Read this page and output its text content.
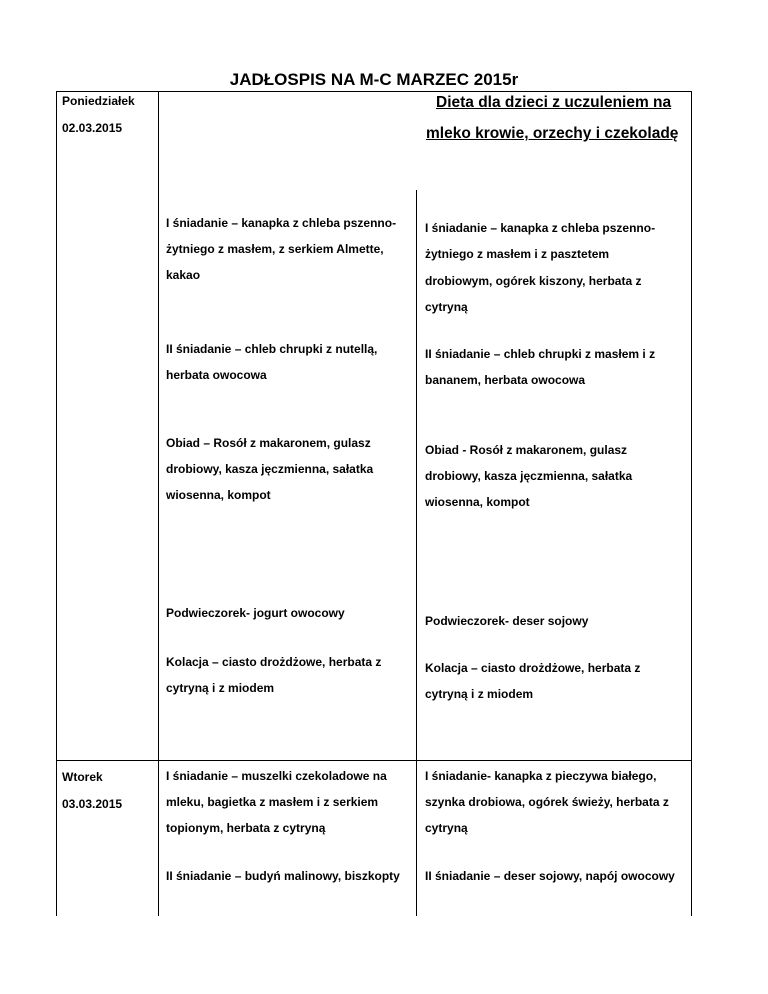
JADŁOSPIS NA M-C MARZEC 2015r
Poniedziałek
02.03.2015
Dieta dla dzieci z uczuleniem na
mleko krowie, orzechy i czekoladę
I śniadanie – kanapka z chleba pszenno-
żytniego z masłem, z serkiem Almette,
kakao
II śniadanie – chleb chrupki z nutellą,
herbata owocowa
Obiad – Rosół z makaronem, gulasz
drobiowy, kasza jęczmienna, sałatka
wiosenna, kompot
Podwieczorek- jogurt owocowy
Kolacja – ciasto drożdżowe, herbata z
cytryną i z miodem
I śniadanie – kanapka z chleba pszenno-
żytniego z masłem i z pasztetem
drobiowym, ogórek kiszony, herbata z
cytryną
II śniadanie – chleb chrupki z masłem i z
bananem, herbata owocowa
Obiad - Rosół z makaronem, gulasz
drobiowy, kasza jęczmienna, sałatka
wiosenna, kompot
Podwieczorek- deser sojowy
Kolacja – ciasto drożdżowe, herbata z
cytryną i z miodem
Wtorek
03.03.2015
I śniadanie – muszelki czekoladowe na
mleku, bagietka z masłem i z serkiem
topionym, herbata z cytryną
II śniadanie – budyń malinowy, biszkopty
I śniadanie- kanapka z pieczywa białego,
szynka drobiowa, ogórek świeży, herbata z
cytryną
II śniadanie – deser sojowy, napój owocowy
